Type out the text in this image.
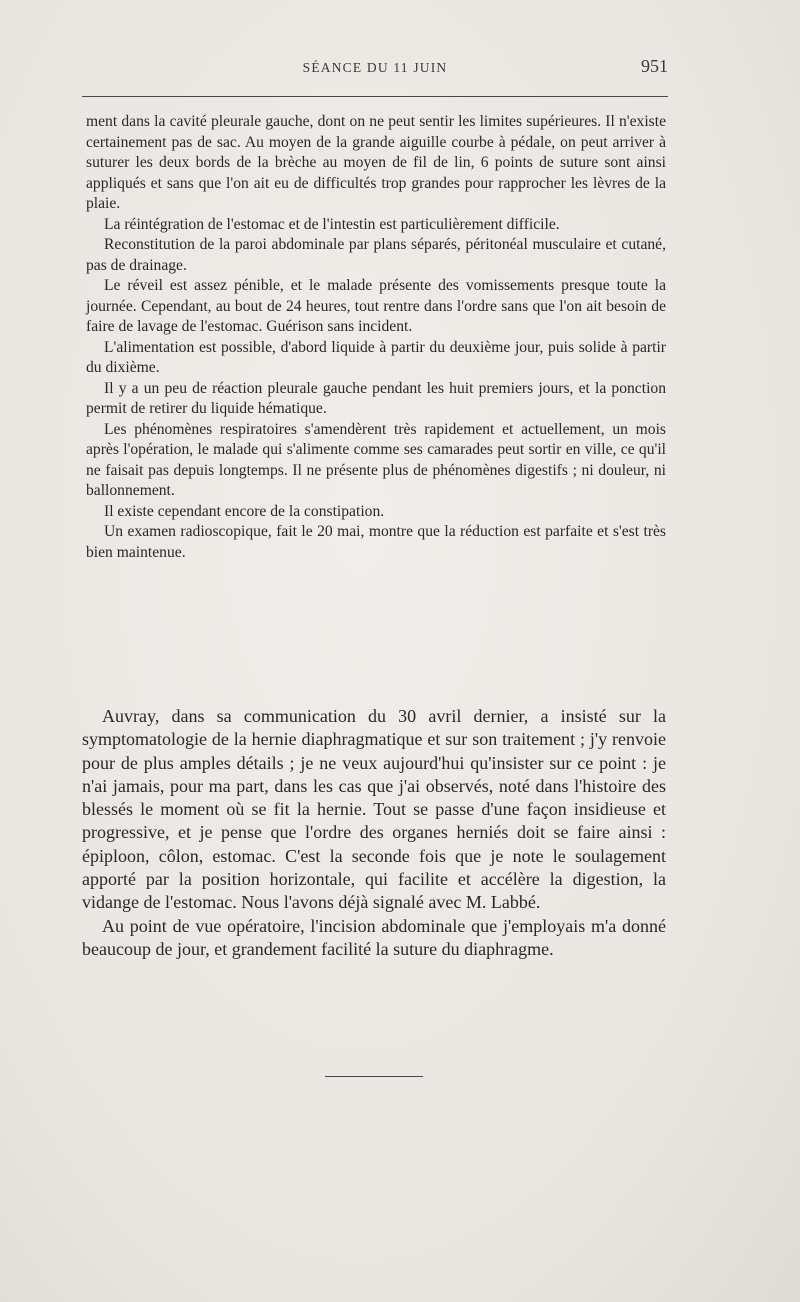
SÉANCE DU 11 JUIN	951

ment dans la cavité pleurale gauche, dont on ne peut sentir les limites supérieures. Il n'existe certainement pas de sac. Au moyen de la grande aiguille courbe à pédale, on peut arriver à suturer les deux bords de la brèche au moyen de fil de lin, 6 points de suture sont ainsi appliqués et sans que l'on ait eu de difficultés trop grandes pour rapprocher les lèvres de la plaie.

La réintégration de l'estomac et de l'intestin est particulièrement difficile.

Reconstitution de la paroi abdominale par plans séparés, péritonéal musculaire et cutané, pas de drainage.

Le réveil est assez pénible, et le malade présente des vomissements presque toute la journée. Cependant, au bout de 24 heures, tout rentre dans l'ordre sans que l'on ait besoin de faire de lavage de l'estomac. Guérison sans incident.

L'alimentation est possible, d'abord liquide à partir du deuxième jour, puis solide à partir du dixième.

Il y a un peu de réaction pleurale gauche pendant les huit premiers jours, et la ponction permit de retirer du liquide hématique.

Les phénomènes respiratoires s'amendèrent très rapidement et actuellement, un mois après l'opération, le malade qui s'alimente comme ses camarades peut sortir en ville, ce qu'il ne faisait pas depuis longtemps. Il ne présente plus de phénomènes digestifs ; ni douleur, ni ballonnement.

Il existe cependant encore de la constipation.

Un examen radioscopique, fait le 20 mai, montre que la réduction est parfaite et s'est très bien maintenue.

Auvray, dans sa communication du 30 avril dernier, a insisté sur la symptomatologie de la hernie diaphragmatique et sur son traitement ; j'y renvoie pour de plus amples détails ; je ne veux aujourd'hui qu'insister sur ce point : je n'ai jamais, pour ma part, dans les cas que j'ai observés, noté dans l'histoire des blessés le moment où se fit la hernie. Tout se passe d'une façon insidieuse et progressive, et je pense que l'ordre des organes herniés doit se faire ainsi : épiploon, côlon, estomac. C'est la seconde fois que je note le soulagement apporté par la position horizontale, qui facilite et accélère la digestion, la vidange de l'estomac. Nous l'avons déjà signalé avec M. Labbé.

Au point de vue opératoire, l'incision abdominale que j'employais m'a donné beaucoup de jour, et grandement facilité la suture du diaphragme.
